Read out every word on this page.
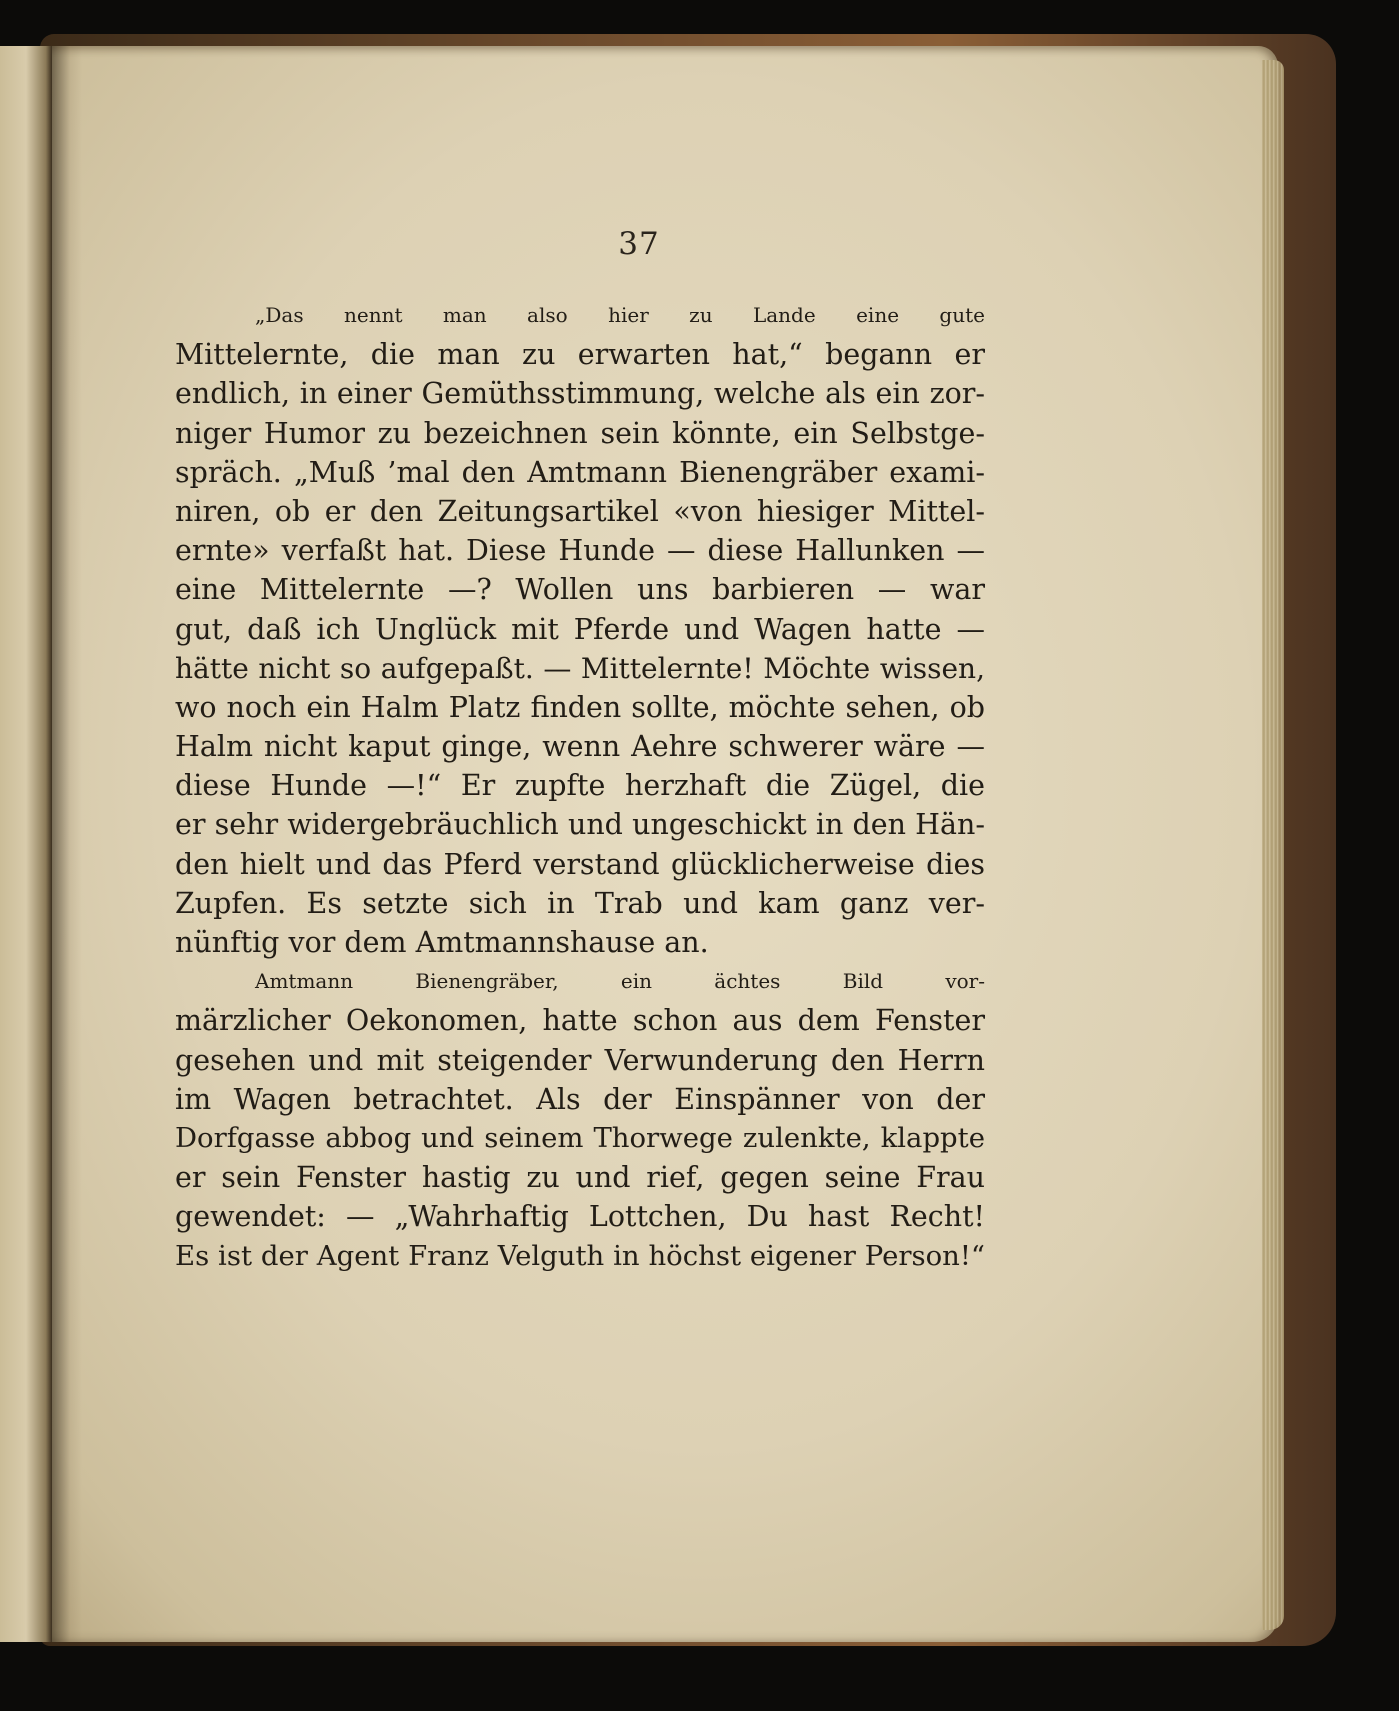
37
„Das nennt man also hier zu Lande eine gute
Mittelernte, die man zu erwarten hat,“ begann er
endlich, in einer Gemüthsstimmung, welche als ein zor-
niger Humor zu bezeichnen sein könnte, ein Selbstge-
spräch. „Muß ’mal den Amtmann Bienengräber exami-
niren, ob er den Zeitungsartikel «von hiesiger Mittel-
ernte» verfaßt hat. Diese Hunde — diese Hallunken —
eine Mittelernte —? Wollen uns barbieren — war
gut, daß ich Unglück mit Pferde und Wagen hatte —
hätte nicht so aufgepaßt. — Mittelernte! Möchte wissen,
wo noch ein Halm Platz finden sollte, möchte sehen, ob
Halm nicht kaput ginge, wenn Aehre schwerer wäre —
diese Hunde —!“ Er zupfte herzhaft die Zügel, die
er sehr widergebräuchlich und ungeschickt in den Hän-
den hielt und das Pferd verstand glücklicherweise dies
Zupfen. Es setzte sich in Trab und kam ganz ver-
nünftig vor dem Amtmannshause an.
Amtmann Bienengräber, ein ächtes Bild vor-
märzlicher Oekonomen, hatte schon aus dem Fenster
gesehen und mit steigender Verwunderung den Herrn
im Wagen betrachtet. Als der Einspänner von der
Dorfgasse abbog und seinem Thorwege zulenkte, klappte
er sein Fenster hastig zu und rief, gegen seine Frau
gewendet: — „Wahrhaftig Lottchen, Du hast Recht!
Es ist der Agent Franz Velguth in höchst eigener Person!“
